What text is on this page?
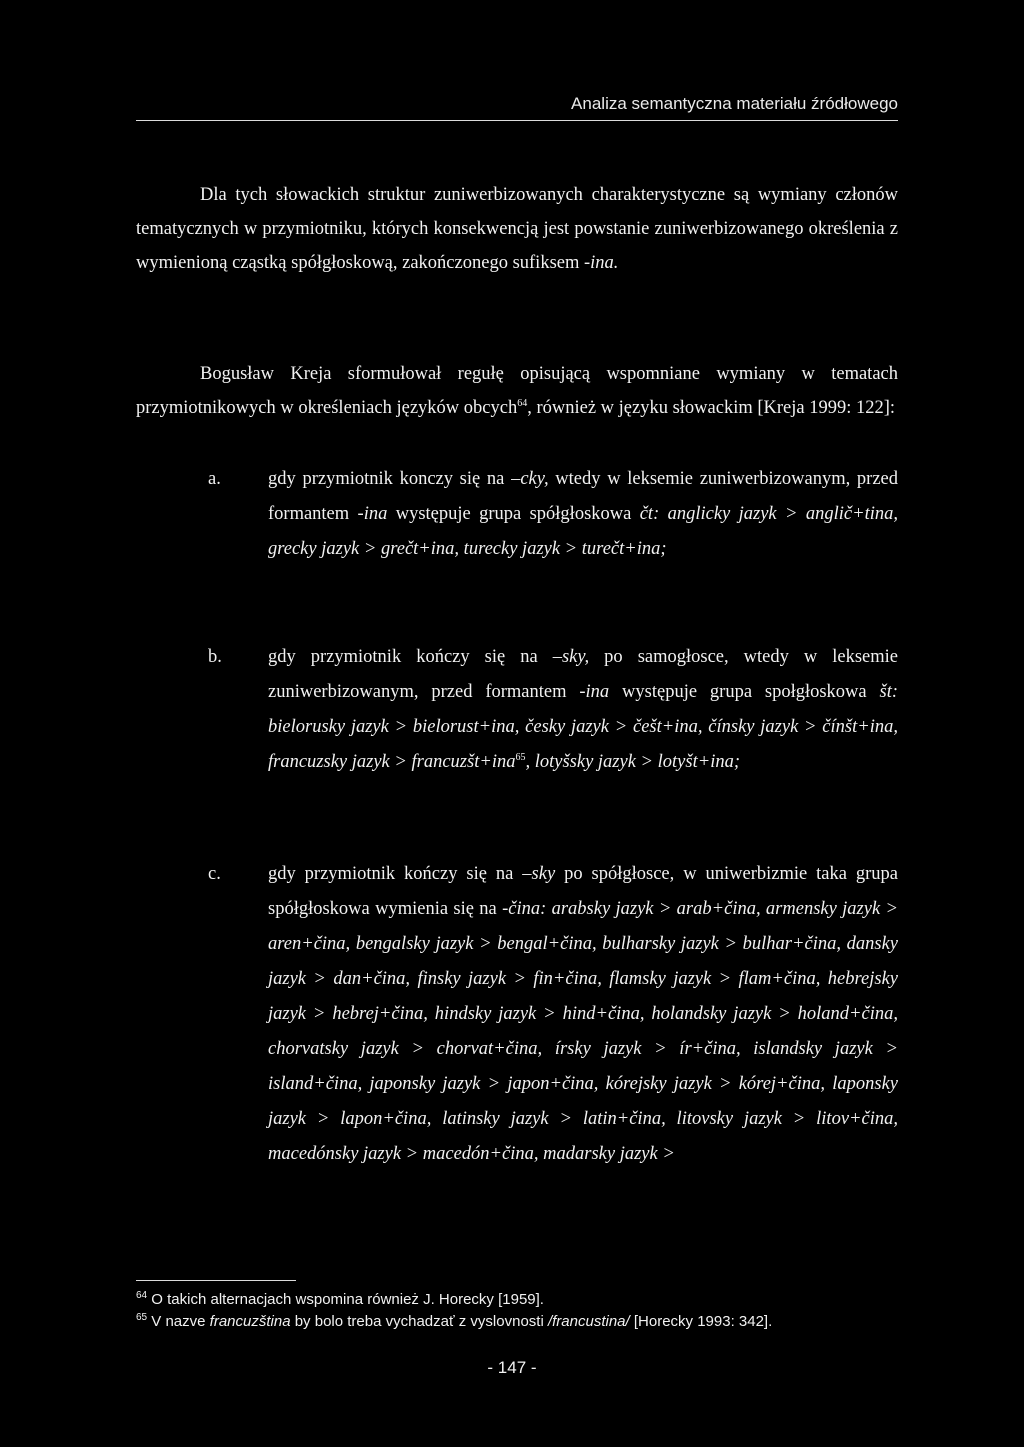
Analiza semantyczna materiału źródłowego
Dla tych słowackich struktur zuniwerbizowanych charakterystyczne są wymiany członów tematycznych w przymiotniku, których konsekwencją jest powstanie zuniwerbizowanego określenia z wymienioną cząstką spółgłoskową, zakończonego sufiksem -ina.
Bogusław Kreja sformułował regułę opisującą wspomniane wymiany w tematach przymiotnikowych w określeniach języków obcych$^{64}$, również w języku słowackim [Kreja 1999: 122]:
a.	gdy przymiotnik konczy się na –cky, wtedy w leksemie zuniwerbizowanym, przed formantem -ina występuje grupa spółgłoskowa čt: anglicky jazyk > anglič+tina, grecky jazyk > grečt+ina, turecky jazyk > turečt+ina;
b.	gdy przymiotnik kończy się na –sky, po samogłosce, wtedy w leksemie zuniwerbizowanym, przed formantem -ina występuje grupa społgłoskowa št: bielorusky jazyk > bielorust+ina, česky jazyk > češt+ina, čínsky jazyk > čínšt+ina, francuzsky jazyk > francuzšt+ina$^{65}$, lotyšsky jazyk > lotyšt+ina;
c.	gdy przymiotnik kończy się na –sky po spółgłosce, w uniwerbizmie taka grupa spółgłoskowa wymienia się na -čina: arabsky jazyk > arab+čina, armensky jazyk > aren+čina, bengalsky jazyk > bengal+čina, bulharsky jazyk > bulhar+čina, dansky jazyk > dan+čina, finsky jazyk > fin+čina, flamsky jazyk > flam+čina, hebrejsky jazyk > hebrej+čina, hindsky jazyk > hind+čina, holandsky jazyk > holand+čina, chorvatsky jazyk > chorvat+čina, írsky jazyk > ír+čina, islandsky jazyk > island+čina, japonsky jazyk > japon+čina, kórejsky jazyk > kórej+čina, laponsky jazyk > lapon+čina, latinsky jazyk > latin+čina, litovsky jazyk > litov+čina, macedónsky jazyk > macedón+čina, madarsky jazyk >
$^{64}$ O takich alternacjach wspomina również J. Horecky [1959].
$^{65}$ V nazve francuzština by bolo treba vychadzať z vyslovnosti /francustina/ [Horecky 1993: 342].
- 147 -
